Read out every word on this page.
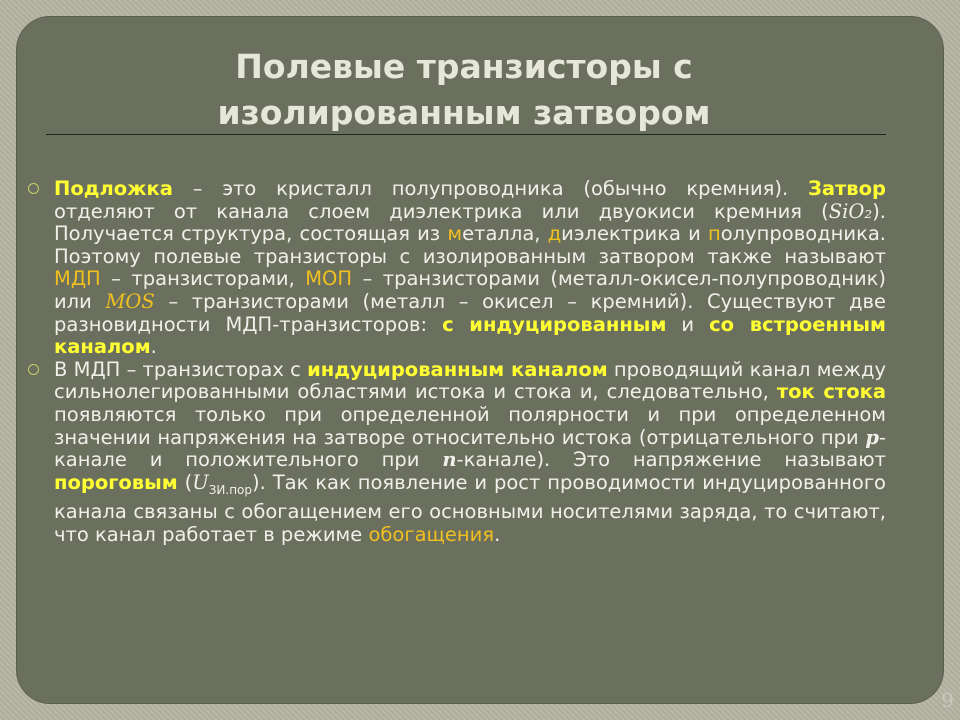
Полевые транзисторы с
изолированным затвором

Подложка – это кристалл полупроводника (обычно кремния). Затвор отделяют от канала слоем диэлектрика или двуокиси кремния (SiO₂). Получается структура, состоящая из металла, диэлектрика и полупроводника. Поэтому полевые транзисторы с изолированным затвором также называют МДП – транзисторами, МОП – транзисторами (металл-окисел-полупроводник) или MOS – транзисторами (металл – окисел – кремний). Существуют две разновидности МДП-транзисторов: с индуцированным и со встроенным каналом.

В МДП – транзисторах с индуцированным каналом проводящий канал между сильнолегированными областями истока и стока и, следовательно, ток стока появляются только при определенной полярности и при определенном значении напряжения на затворе относительно истока (отрицательного при p-канале и положительного при n-канале). Это напряжение называют пороговым $(U_{ЗИ.пор})$. Так как появление и рост проводимости индуцированного канала связаны с обогащением его основными носителями заряда, то считают, что канал работает в режиме обогащения.

9
